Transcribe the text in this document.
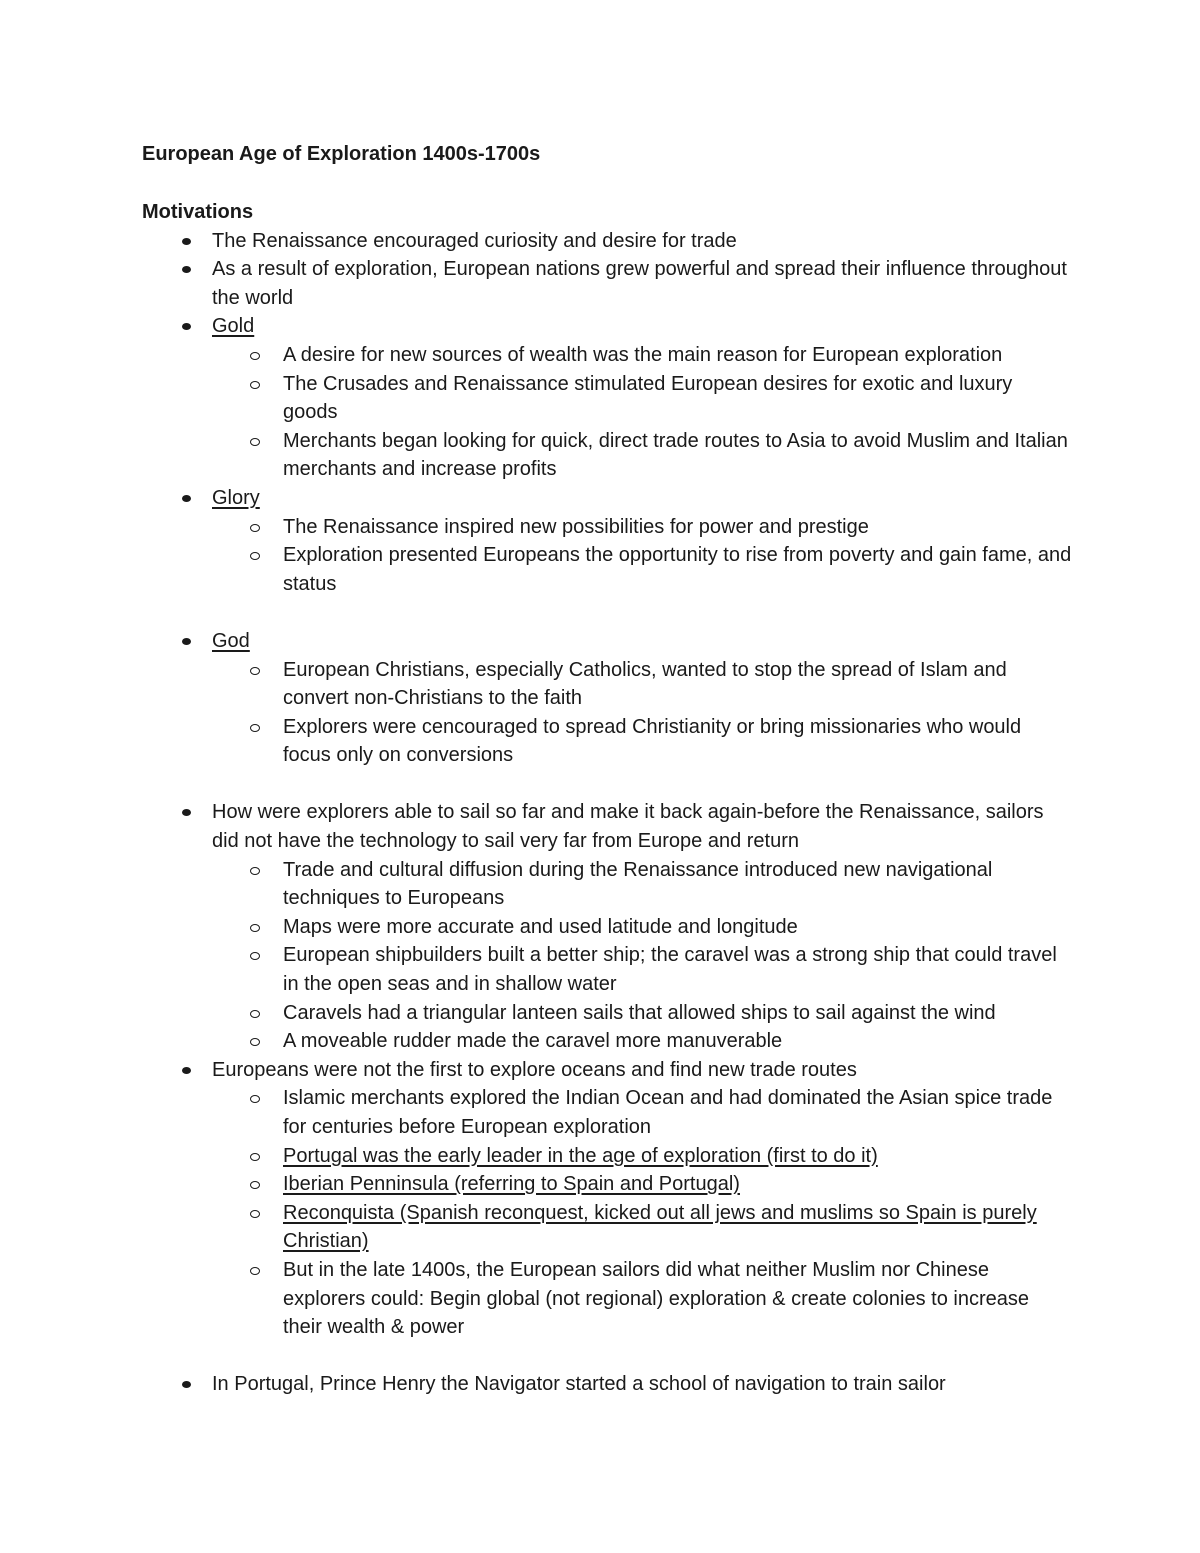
European Age of Exploration 1400s-1700s
Motivations
The Renaissance encouraged curiosity and desire for trade
As a result of exploration, European nations grew powerful and spread their influence throughout the world
Gold
A desire for new sources of wealth was the main reason for European exploration
The Crusades and Renaissance stimulated European desires for exotic and luxury goods
Merchants began looking for quick, direct trade routes to Asia to avoid Muslim and Italian merchants and increase profits
Glory
The Renaissance inspired new possibilities for power and prestige
Exploration presented Europeans the opportunity to rise from poverty and gain fame, and status
God
European Christians, especially Catholics, wanted to stop the spread of Islam and convert non-Christians to the faith
Explorers were cencouraged to spread Christianity or bring missionaries who would focus only on conversions
How were explorers able to sail so far and make it back again-before the Renaissance, sailors did not have the technology to sail very far from Europe and return
Trade and cultural diffusion during the Renaissance introduced new navigational techniques to Europeans
Maps were more accurate and used latitude and longitude
European shipbuilders built a better ship; the caravel was a strong ship that could travel in the open seas and in shallow water
Caravels had a triangular lanteen sails that allowed ships to sail against the wind
A moveable rudder made the caravel more manuverable
Europeans were not the first to explore oceans and find new trade routes
Islamic merchants explored the Indian Ocean and had dominated the Asian spice trade for centuries before European exploration
Portugal was the early leader in the age of exploration (first to do it)
Iberian Penninsula (referring to Spain and Portugal)
Reconquista (Spanish reconquest, kicked out all jews and muslims so Spain is purely Christian)
But in the late 1400s, the European sailors did what neither Muslim nor Chinese explorers could: Begin global (not regional) exploration & create colonies to increase their wealth & power
In Portugal, Prince Henry the Navigator started a school of navigation to train sailor
